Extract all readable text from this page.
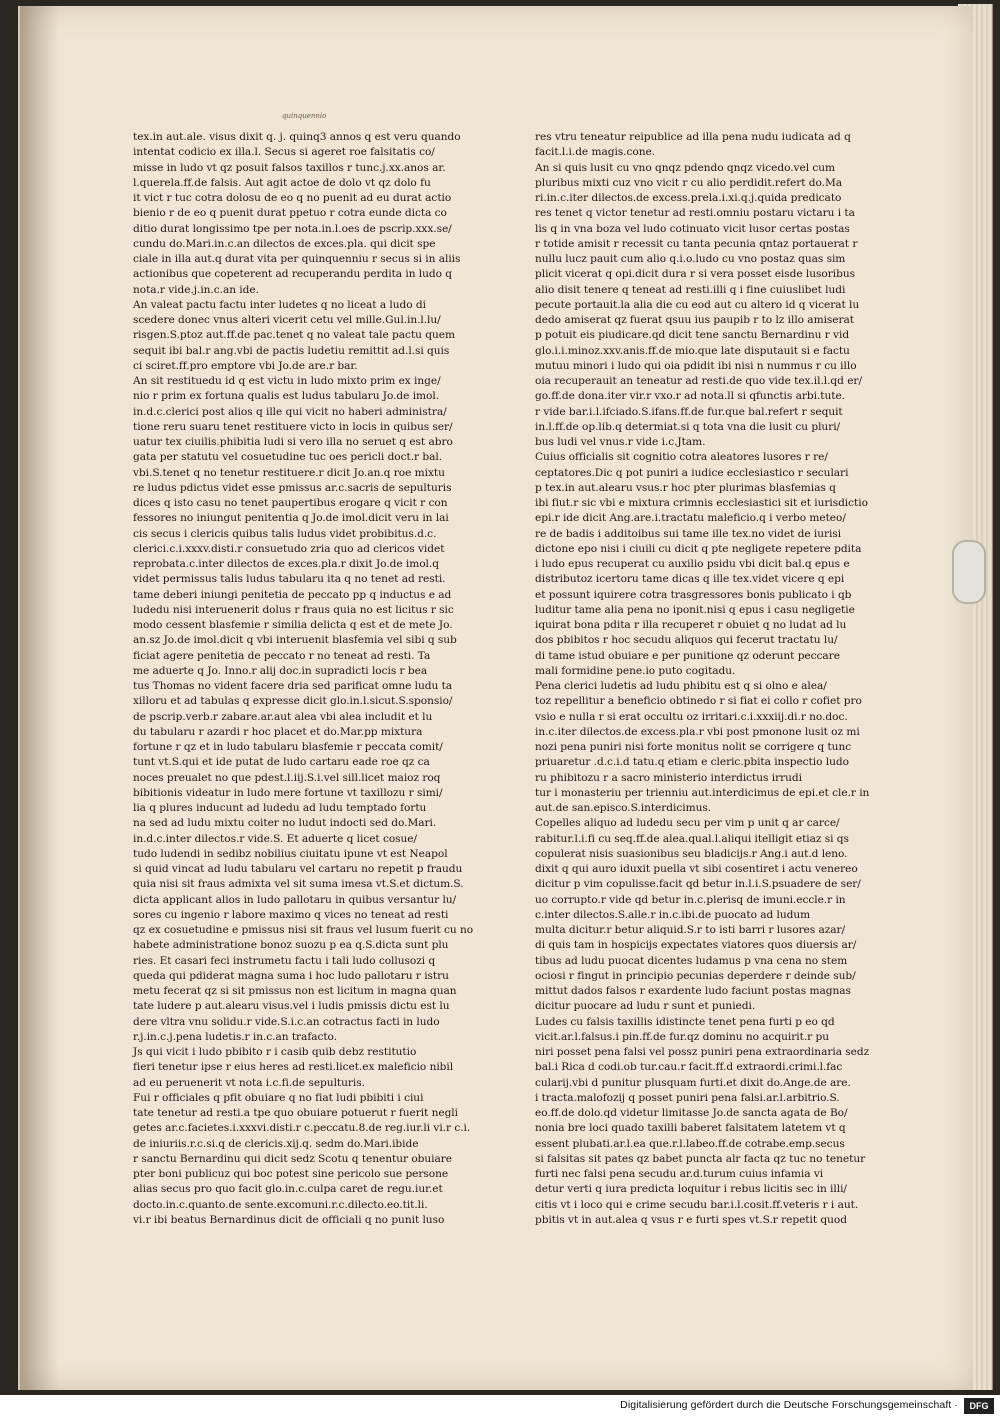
quinquennio
tex.in aut.ale. visus dixit q. j. quinq3 annos q est veru quando
intentat codicio ex illa.l. Secus si ageret roe falsitatis co/
misse in ludo vt qz posuit falsos taxillos r tunc.j.xx.anos ar.
l.querela.ff.de falsis. Aut agit actoe de dolo vt qz dolo fu
it vict r tuc cotra dolosu de eo q no puenit ad eu durat actio
bienio r de eo q puenit durat ppetuo r cotra eunde dicta co
ditio durat longissimo tpe per nota.in.l.oes de pscrip.xxx.se/
cundu do.Mari.in.c.an dilectos de exces.pla. qui dicit spe
ciale in illa aut.q durat vita per quinquenniu r secus si in aliis
actionibus que copeterent ad recuperandu perdita in ludo q
nota.r vide.j.in.c.an ide.
An valeat pactu factu inter ludetes q no liceat a ludo di
scedere donec vnus alteri vicerit cetu vel mille.Gul.in.l.lu/
risgen.S.ptoz aut.ff.de pac.tenet q no valeat tale pactu quem
sequit ibi bal.r ang.vbi de pactis ludetiu remittit ad.l.si quis
ci sciret.ff.pro emptore vbi Jo.de are.r bar.
An sit restituedu id q est victu in ludo mixto prim ex inge/
nio r prim ex fortuna qualis est ludus tabularu Jo.de imol.
in.d.c.clerici post alios q ille qui vicit no haberi administra/
tione reru suaru tenet restituere victo in locis in quibus ser/
uatur tex ciuilis.phibitia ludi si vero illa no seruet q est abro
gata per statutu vel cosuetudine tuc oes pericli doct.r bal.
vbi.S.tenet q no tenetur restituere.r dicit Jo.an.q roe mixtu
re ludus pdictus videt esse pmissus ar.c.sacris de sepulturis
dices q isto casu no tenet paupertibus erogare q vicit r con
fessores no iniungut penitentia q Jo.de imol.dicit veru in lai
cis secus i clericis quibus talis ludus videt probibitus.d.c.
clerici.c.i.xxxv.disti.r consuetudo zria quo ad clericos videt
reprobata.c.inter dilectos de exces.pla.r dixit Jo.de imol.q
videt permissus talis ludus tabularu ita q no tenet ad resti.
tame deberi iniungi penitetia de peccato pp q inductus e ad
ludedu nisi interuenerit dolus r fraus quia no est licitus r sic
modo cessent blasfemie r similia delicta q est et de mete Jo.
an.sz Jo.de imol.dicit q vbi interuenit blasfemia vel sibi q sub
ficiat agere penitetia de peccato r no teneat ad resti. Ta
me aduerte q Jo. Inno.r alij doc.in supradicti locis r bea
tus Thomas no vident facere dria sed parificat omne ludu ta
xilloru et ad tabulas q expresse dicit glo.in.l.sicut.S.sponsio/
de pscrip.verb.r zabare.ar.aut alea vbi alea includit et lu
du tabularu r azardi r hoc placet et do.Mar.pp mixtura
fortune r qz et in ludo tabularu blasfemie r peccata comit/
tunt vt.S.qui et ide putat de ludo cartaru eade roe qz ca
noces preualet no que pdest.l.iij.S.i.vel sill.licet maioz roq
bibitionis videatur in ludo mere fortune vt taxillozu r simi/
lia q plures inducunt ad ludedu ad ludu temptado fortu
na sed ad ludu mixtu coiter no ludut indocti sed do.Mari.
in.d.c.inter dilectos.r vide.S. Et aduerte q licet cosue/
tudo ludendi in sedibz nobilius ciuitatu ipune vt est Neapol
si quid vincat ad ludu tabularu vel cartaru no repetit p fraudu
quia nisi sit fraus admixta vel sit suma imesa vt.S.et dictum.S.
dicta applicant alios in ludo pallotaru in quibus versantur lu/
sores cu ingenio r labore maximo q vices no teneat ad resti
qz ex cosuetudine e pmissus nisi sit fraus vel lusum fuerit cu no
habete administratione bonoz suozu p ea q.S.dicta sunt plu
ries. Et casari feci instrumetu factu i tali ludo collusozi q
queda qui pdiderat magna suma i hoc ludo pallotaru r istru
metu fecerat qz si sit pmissus non est licitum in magna quan
tate ludere p aut.alearu visus.vel i ludis pmissis dictu est lu
dere vltra vnu solidu.r vide.S.i.c.an cotractus facti in ludo
r.j.in.c.j.pena ludetis.r in.c.an trafacto.
Js qui vicit i ludo pbibito r i casib quib debz restitutio
fieri tenetur ipse r eius heres ad resti.licet.ex maleficio nibil
ad eu peruenerit vt nota i.c.fi.de sepulturis.
Fui r officiales q pfit obuiare q no fiat ludi pbibiti i ciui
tate tenetur ad resti.a tpe quo obuiare potuerut r fuerit negli
getes ar.c.facietes.i.xxxvi.disti.r c.peccatu.8.de reg.iur.li vi.r c.i.
de iniuriis.r.c.si.q de clericis.xij.q. sedm do.Mari.ibide
r sanctu Bernardinu qui dicit sedz Scotu q tenentur obuiare
pter boni publicuz qui boc potest sine pericolo sue persone
alias secus pro quo facit glo.in.c.culpa caret de regu.iur.et
docto.in.c.quanto.de sente.excomuni.r.c.dilecto.eo.tit.li.
vi.r ibi beatus Bernardinus dicit de officiali q no punit luso
res vtru teneatur reipublice ad illa pena nudu iudicata ad q
facit.l.i.de magis.cone.
An si quis lusit cu vno qnqz pdendo qnqz vicedo.vel cum
pluribus mixti cuz vno vicit r cu alio perdidit.refert do.Ma
ri.in.c.iter dilectos.de excess.prela.i.xi.q.j.quida predicato
res tenet q victor tenetur ad resti.omniu postaru victaru i ta
lis q in vna boza vel ludo cotinuato vicit lusor certas postas
r totide amisit r recessit cu tanta pecunia qntaz portauerat r
nullu lucz pauit cum alio q.i.o.ludo cu vno postaz quas sim
plicit vicerat q opi.dicit dura r si vera posset eisde lusoribus
alio disit tenere q teneat ad resti.illi q i fine cuiuslibet ludi
pecute portauit.la alia die cu eod aut cu altero id q vicerat lu
dedo amiserat qz fuerat qsuu ius paupib r to lz illo amiserat
p potuit eis piudicare.qd dicit tene sanctu Bernardinu r vid
glo.i.i.minoz.xxv.anis.ff.de mio.que late disputauit si e factu
mutuu minori i ludo qui oia pdidit ibi nisi n nummus r cu illo
oia recuperauit an teneatur ad resti.de quo vide tex.il.l.qd er/
go.ff.de dona.iter vir.r vxo.r ad nota.ll si qfunctis arbi.tute.
r vide bar.i.l.ifciado.S.ifans.ff.de fur.que bal.refert r sequit
in.l.ff.de op.lib.q determiat.si q tota vna die lusit cu pluri/
bus ludi vel vnus.r vide i.c.Jtam.
Cuius officialis sit cognitio cotra aleatores lusores r re/
ceptatores.Dic q pot puniri a iudice ecclesiastico r seculari
p tex.in aut.alearu vsus.r hoc pter plurimas blasfemias q
ibi fiut.r sic vbi e mixtura crimnis ecclesiastici sit et iurisdictio
epi.r ide dicit Ang.are.i.tractatu maleficio.q i verbo meteo/
re de badis i additoibus sui tame ille tex.no videt de iurisi
dictone epo nisi i ciuili cu dicit q pte negligete repetere pdita
i ludo epus recuperat cu auxilio psidu vbi dicit bal.q epus e
distributoz icertoru tame dicas q ille tex.videt vicere q epi
et possunt iquirere cotra trasgressores bonis publicato i qb
luditur tame alia pena no iponit.nisi q epus i casu negligetie
iquirat bona pdita r illa recuperet r obuiet q no ludat ad lu
dos pbibitos r hoc secudu aliquos qui fecerut tractatu lu/
di tame istud obuiare e per punitione qz oderunt peccare
mali formidine pene.io puto cogitadu.
Pena clerici ludetis ad ludu phibitu est q si olno e alea/
toz repellitur a beneficio obtinedo r si fiat ei collo r cofiet pro
vsio e nulla r si erat occultu oz irritari.c.i.xxxiij.di.r no.doc.
in.c.iter dilectos.de excess.pla.r vbi post pmonone lusit oz mi
nozi pena puniri nisi forte monitus nolit se corrigere q tunc
priuaretur .d.c.i.d tatu.q etiam e cleric.pbita inspectio ludo
ru phibitozu r a sacro ministerio interdictus irrudi
tur i monasteriu per trienniu aut.interdicimus de epi.et cle.r in
aut.de san.episco.S.interdicimus.
Copelles aliquo ad ludedu secu per vim p unit q ar carce/
rabitur.l.i.fi cu seq.ff.de alea.qual.l.aliqui itelligit etiaz si qs
copulerat nisis suasionibus seu bladicijs.r Ang.i aut.d leno.
dixit q qui auro iduxit puella vt sibi cosentiret i actu venereo
dicitur p vim copulisse.facit qd betur in.l.i.S.psuadere de ser/
uo corrupto.r vide qd betur in.c.plerisq de imuni.eccle.r in
c.inter dilectos.S.alle.r in.c.ibi.de puocato ad ludum
multa dicitur.r betur aliquid.S.r to isti barri r lusores azar/
di quis tam in hospicijs expectates viatores quos diuersis ar/
tibus ad ludu puocat dicentes ludamus p vna cena no stem
ociosi r fingut in principio pecunias deperdere r deinde sub/
mittut dados falsos r exardente ludo faciunt postas magnas
dicitur puocare ad ludu r sunt et puniedi.
Ludes cu falsis taxillis idistincte tenet pena furti p eo qd
vicit.ar.l.falsus.i pin.ff.de fur.qz dominu no acquirit.r pu
niri posset pena falsi vel possz puniri pena extraordinaria sedz
bal.i Rica d codi.ob tur.cau.r facit.ff.d extraordi.crimi.l.fac
cularij.vbi d punitur plusquam furti.et dixit do.Ange.de are.
i tracta.malofozij q posset puniri pena falsi.ar.l.arbitrio.S.
eo.ff.de dolo.qd videtur limitasse Jo.de sancta agata de Bo/
nonia bre loci quado taxilli baberet falsitatem latetem vt q
essent plubati.ar.l.ea que.r.l.labeo.ff.de cotrabe.emp.secus
si falsitas sit pates qz babet puncta alr facta qz tuc no tenetur
furti nec falsi pena secudu ar.d.turum cuius infamia vi
detur verti q iura predicta loquitur i rebus licitis sec in illi/
citis vt i loco qui e crime secudu bar.i.l.cosit.ff.veteris r i aut.
pbitis vt in aut.alea q vsus r e furti spes vt.S.r repetit quod
Digitalisierung gefördert durch die Deutsche Forschungsgemeinschaft ·	DFG
